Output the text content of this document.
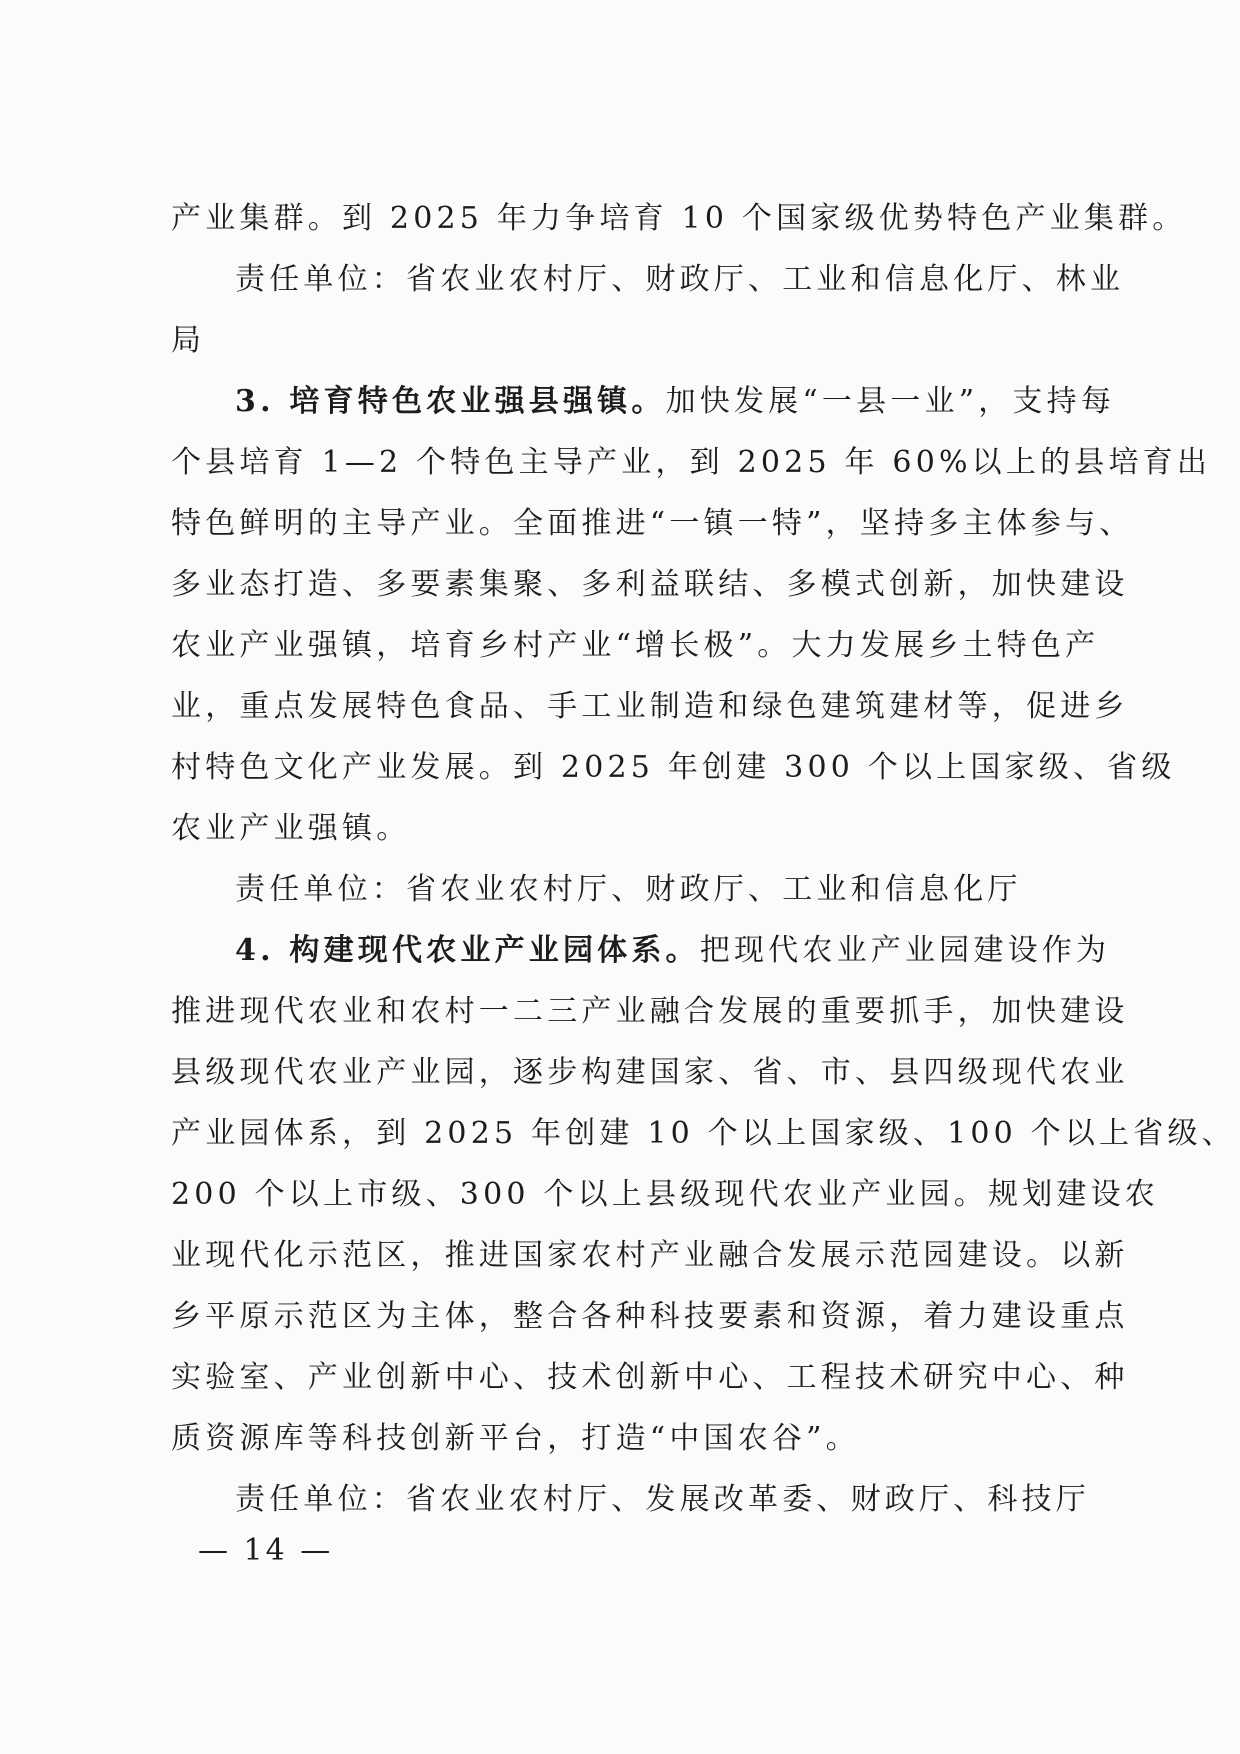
产业集群。到 2025 年力争培育 10 个国家级优势特色产业集群。
责任单位：省农业农村厅、财政厅、工业和信息化厅、林业
局
3. 培育特色农业强县强镇。加快发展“一县一业”，支持每
个县培育 1—2 个特色主导产业，到 2025 年 60%以上的县培育出
特色鲜明的主导产业。全面推进“一镇一特”，坚持多主体参与、
多业态打造、多要素集聚、多利益联结、多模式创新，加快建设
农业产业强镇，培育乡村产业“增长极”。大力发展乡土特色产
业，重点发展特色食品、手工业制造和绿色建筑建材等，促进乡
村特色文化产业发展。到 2025 年创建 300 个以上国家级、省级
农业产业强镇。
责任单位：省农业农村厅、财政厅、工业和信息化厅
4. 构建现代农业产业园体系。把现代农业产业园建设作为
推进现代农业和农村一二三产业融合发展的重要抓手，加快建设
县级现代农业产业园，逐步构建国家、省、市、县四级现代农业
产业园体系，到 2025 年创建 10 个以上国家级、100 个以上省级、
200 个以上市级、300 个以上县级现代农业产业园。规划建设农
业现代化示范区，推进国家农村产业融合发展示范园建设。以新
乡平原示范区为主体，整合各种科技要素和资源，着力建设重点
实验室、产业创新中心、技术创新中心、工程技术研究中心、种
质资源库等科技创新平台，打造“中国农谷”。
责任单位：省农业农村厅、发展改革委、财政厅、科技厅
— 14 —
